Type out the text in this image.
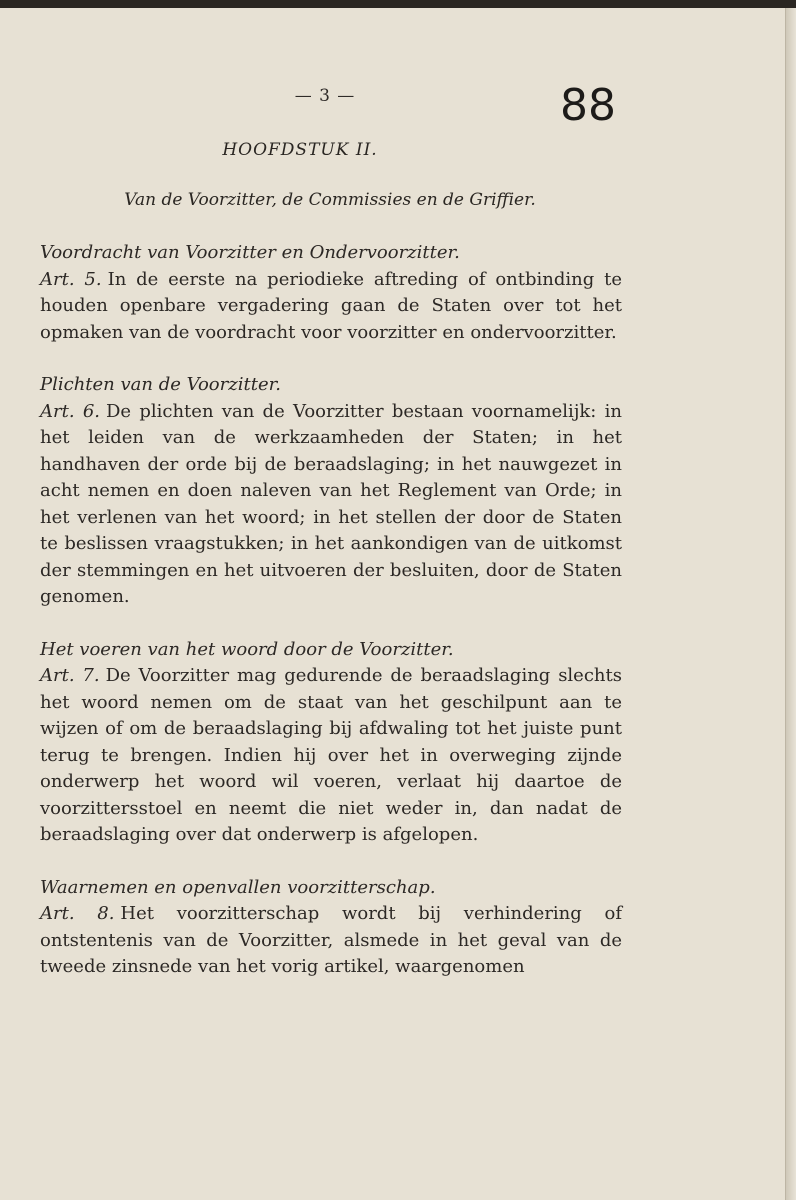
— 3 —	88
HOOFDSTUK II.
Van de Voorzitter, de Commissies en de Griffier.
Voordracht van Voorzitter en Ondervoorzitter.
Art. 5. In de eerste na periodieke aftreding of ontbinding te houden openbare vergadering gaan de Staten over tot het opmaken van de voordracht voor voorzitter en ondervoorzitter.
Plichten van de Voorzitter.
Art. 6. De plichten van de Voorzitter bestaan voornamelijk: in het leiden van de werkzaamheden der Staten; in het handhaven der orde bij de beraadslaging; in het nauwgezet in acht nemen en doen naleven van het Reglement van Orde; in het verlenen van het woord; in het stellen der door de Staten te beslissen vraagstukken; in het aankondigen van de uitkomst der stemmingen en het uitvoeren der besluiten, door de Staten genomen.
Het voeren van het woord door de Voorzitter.
Art. 7. De Voorzitter mag gedurende de beraadslaging slechts het woord nemen om de staat van het geschilpunt aan te wijzen of om de beraadslaging bij afdwaling tot het juiste punt terug te brengen. Indien hij over het in overweging zijnde onderwerp het woord wil voeren, verlaat hij daartoe de voorzittersstoel en neemt die niet weder in, dan nadat de beraadslaging over dat onderwerp is afgelopen.
Waarnemen en openvallen voorzitterschap.
Art. 8. Het voorzitterschap wordt bij verhindering of ontstentenis van de Voorzitter, alsmede in het geval van de tweede zinsnede van het vorig artikel, waargenomen
